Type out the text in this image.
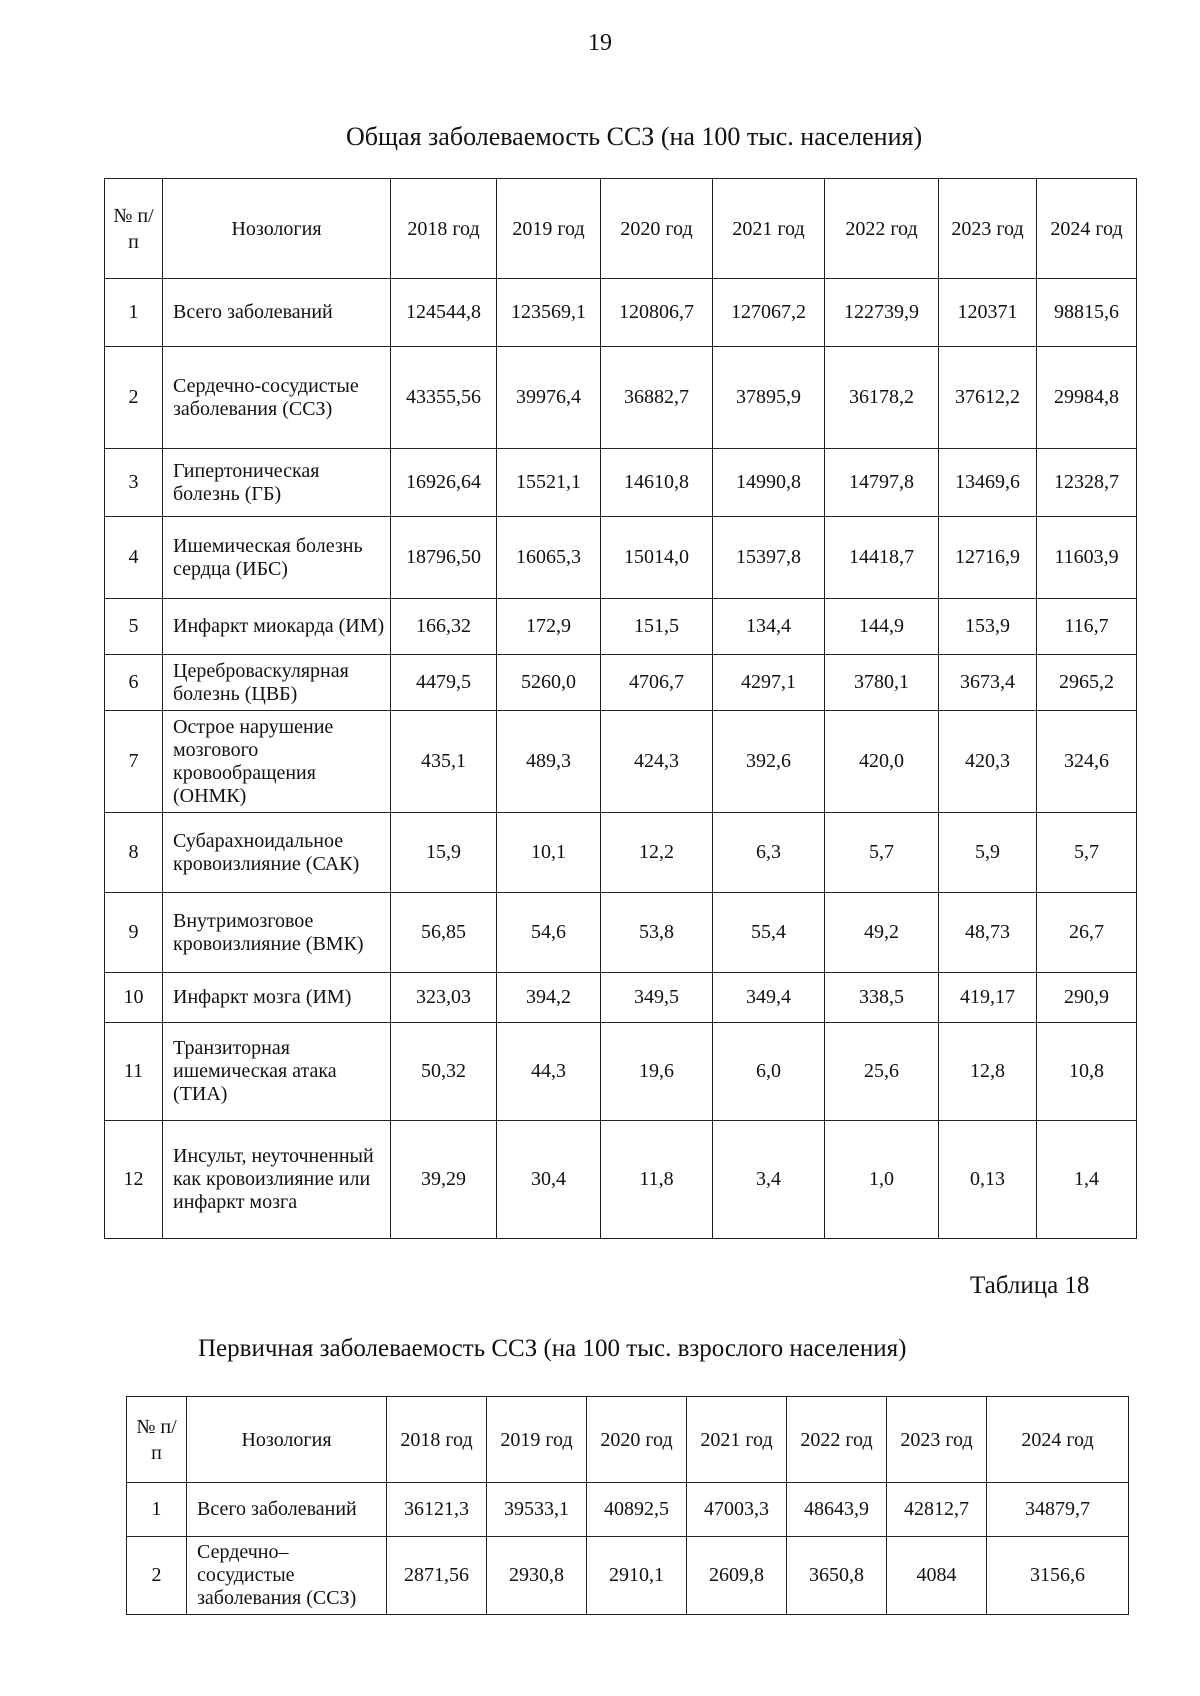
19
Общая заболеваемость ССЗ (на 100 тыс. населения)
№ п/п	Нозология	2018 год	2019 год	2020 год	2021 год	2022 год	2023 год	2024 год
1	Всего заболеваний	124544,8	123569,1	120806,7	127067,2	122739,9	120371	98815,6
2	Сердечно-сосудистые заболевания (ССЗ)	43355,56	39976,4	36882,7	37895,9	36178,2	37612,2	29984,8
3	Гипертоническая болезнь (ГБ)	16926,64	15521,1	14610,8	14990,8	14797,8	13469,6	12328,7
4	Ишемическая болезнь сердца (ИБС)	18796,50	16065,3	15014,0	15397,8	14418,7	12716,9	11603,9
5	Инфаркт миокарда (ИМ)	166,32	172,9	151,5	134,4	144,9	153,9	116,7
6	Цереброваскулярная болезнь (ЦВБ)	4479,5	5260,0	4706,7	4297,1	3780,1	3673,4	2965,2
7	Острое нарушение мозгового кровообращения (ОНМК)	435,1	489,3	424,3	392,6	420,0	420,3	324,6
8	Субарахноидальное кровоизлияние (САК)	15,9	10,1	12,2	6,3	5,7	5,9	5,7
9	Внутримозговое кровоизлияние (ВМК)	56,85	54,6	53,8	55,4	49,2	48,73	26,7
10	Инфаркт мозга (ИМ)	323,03	394,2	349,5	349,4	338,5	419,17	290,9
11	Транзиторная ишемическая атака (ТИА)	50,32	44,3	19,6	6,0	25,6	12,8	10,8
12	Инсульт, неуточненный как кровоизлияние или инфаркт мозга	39,29	30,4	11,8	3,4	1,0	0,13	1,4
Таблица 18
Первичная заболеваемость ССЗ (на 100 тыс. взрослого населения)
№ п/п	Нозология	2018 год	2019 год	2020 год	2021 год	2022 год	2023 год	2024 год
1	Всего заболеваний	36121,3	39533,1	40892,5	47003,3	48643,9	42812,7	34879,7
2	Сердечно–сосудистые заболевания (ССЗ)	2871,56	2930,8	2910,1	2609,8	3650,8	4084	3156,6
